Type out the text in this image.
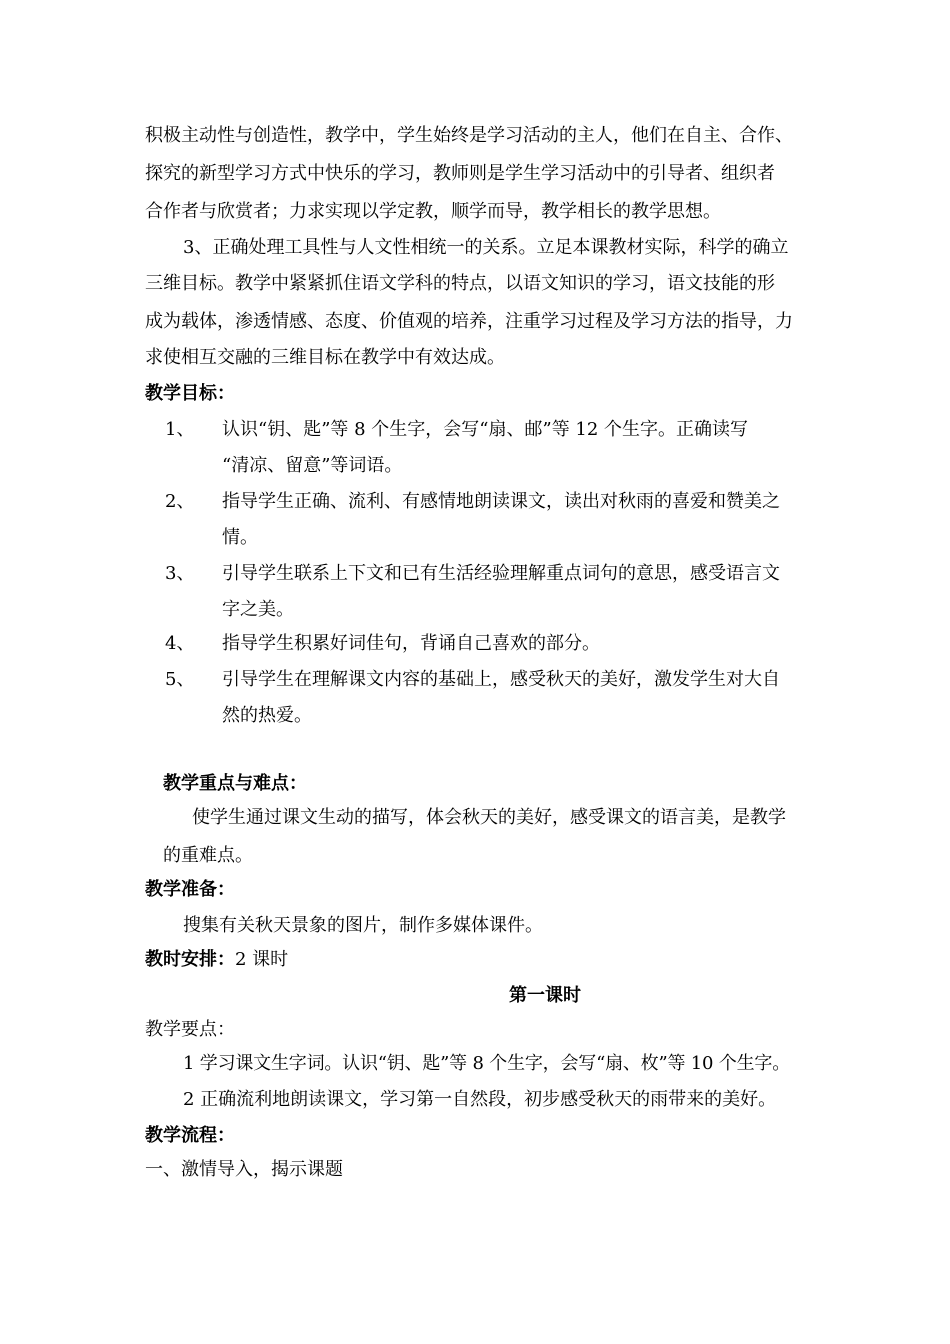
积极主动性与创造性，教学中，学生始终是学习活动的主人，他们在自主、合作、
探究的新型学习方式中快乐的学习，教师则是学生学习活动中的引导者、组织者
合作者与欣赏者；力求实现以学定教，顺学而导，教学相长的教学思想。
3、正确处理工具性与人文性相统一的关系。立足本课教材实际，科学的确立
三维目标。教学中紧紧抓住语文学科的特点，以语文知识的学习，语文技能的形
成为载体，渗透情感、态度、价值观的培养，注重学习过程及学习方法的指导，力
求使相互交融的三维目标在教学中有效达成。
教学目标：
1、	认识“钥、匙”等 8 个生字，会写“扇、邮”等 12 个生字。正确读写
“清凉、留意”等词语。
2、	指导学生正确、流利、有感情地朗读课文，读出对秋雨的喜爱和赞美之
情。
3、	引导学生联系上下文和已有生活经验理解重点词句的意思，感受语言文
字之美。
4、	指导学生积累好词佳句，背诵自己喜欢的部分。
5、	引导学生在理解课文内容的基础上，感受秋天的美好，激发学生对大自
然的热爱。
教学重点与难点：
使学生通过课文生动的描写，体会秋天的美好，感受课文的语言美，是教学
的重难点。
教学准备：
搜集有关秋天景象的图片，制作多媒体课件。
教时安排：2 课时
第一课时
教学要点：
1 学习课文生字词。认识“钥、匙”等 8 个生字，会写“扇、枚”等 10 个生字。
2 正确流利地朗读课文，学习第一自然段，初步感受秋天的雨带来的美好。
教学流程：
一、激情导入，揭示课题
